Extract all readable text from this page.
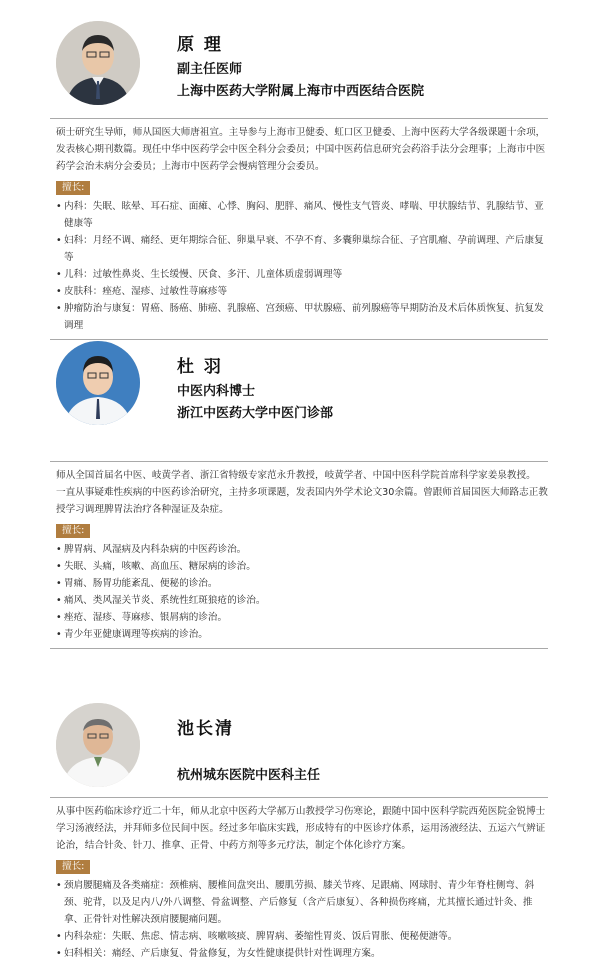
原 理
副主任医师
上海中医药大学附属上海市中西医结合医院

硕士研究生导师，师从国医大师唐祖宣。主导参与上海市卫健委、虹口区卫健委、上海中医药大学各级课题十余项，发表核心期刊数篇。现任中华中医药学会中医全科分会委员；中国中医药信息研究会药浴手法分会理事；上海市中医药学会治未病分会委员；上海市中医药学会慢病管理分会委员。

擅长:
• 内科：失眠、眩晕、耳石症、面瘫、心悸、胸闷、肥胖、痛风、慢性支气管炎、哮喘、甲状腺结节、乳腺结节、亚健康等
• 妇科：月经不调、痛经、更年期综合征、卵巢早衰、不孕不育、多囊卵巢综合征、子宫肌瘤、孕前调理、产后康复等
• 儿科：过敏性鼻炎、生长缓慢、厌食、多汗、儿童体质虚弱调理等
• 皮肤科：痤疮、湿疹、过敏性荨麻疹等
• 肿瘤防治与康复：胃癌、肠癌、肺癌、乳腺癌、宫颈癌、甲状腺癌、前列腺癌等早期防治及术后体质恢复、抗复发调理
杜 羽
中医内科博士
浙江中医药大学中医门诊部

师从全国首届名中医、岐黄学者、浙江省特级专家范永升教授，岐黄学者、中国中医科学院首席科学家姜泉教授。
一直从事疑难性疾病的中医药诊治研究，主持多项课题，发表国内外学术论文30余篇。曾跟师首届国医大师路志正教授学习调理脾胃法治疗各种湿证及杂症。

擅长:
• 脾胃病、风湿病及内科杂病的中医药诊治。
• 失眠、头痛，咳嗽、高血压、糖尿病的诊治。
• 胃痛、肠胃功能紊乱、便秘的诊治。
• 痛风、类风湿关节炎、系统性红斑狼疮的诊治。
• 痤疮、湿疹、荨麻疹、银屑病的诊治。
• 青少年亚健康调理等疾病的诊治。
池长清
杭州城东医院中医科主任

从事中医药临床诊疗近二十年，师从北京中医药大学郝万山教授学习伤寒论，跟随中国中医科学院西苑医院金锐博士学习汤液经法，并拜师多位民间中医。经过多年临床实践，形成特有的中医诊疗体系，运用汤液经法、五运六气辨证论治，结合针灸、针刀、推拿、正骨、中药方剂等多元疗法，制定个体化诊疗方案。

擅长:
• 颈肩腰腿痛及各类痛症：颈椎病、腰椎间盘突出、腰肌劳损、膝关节疼、足跟痛、网球肘、青少年脊柱侧弯、斜颈、驼背，以及足内八/外八调整、骨盆调整、产后修复（含产后康复）、各种损伤疼痛，尤其擅长通过针灸、推拿、正骨针对性解决颈肩腰腿痛问题。
• 内科杂症：失眠、焦虑、情志病、咳嗽咳痰、脾胃病、萎缩性胃炎、饭后胃胀、便秘便溏等。
• 妇科相关：痛经、产后康复、骨盆修复，为女性健康提供针对性调理方案。
